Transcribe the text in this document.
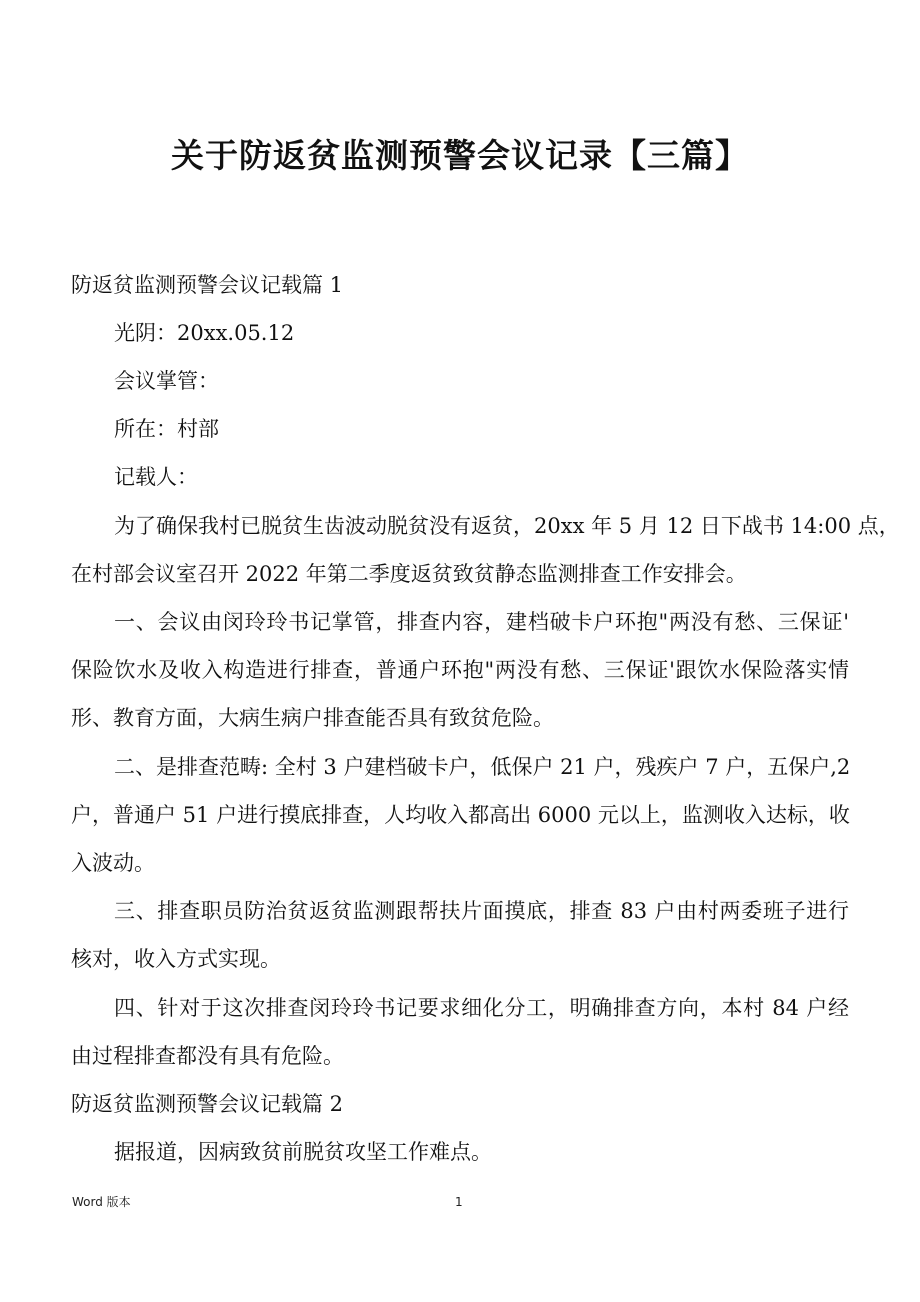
关于防返贫监测预警会议记录【三篇】
防返贫监测预警会议记载篇 1
光阴：20xx.05.12
会议掌管：
所在：村部
记载人：
为了确保我村已脱贫生齿波动脱贫没有返贫，20xx 年 5 月 12 日下战书 14:00 点，
在村部会议室召开 2022 年第二季度返贫致贫静态监测排查工作安排会。
一、会议由闵玲玲书记掌管，排查内容，建档破卡户环抱"两没有愁、三保证'
保险饮水及收入构造进行排查，普通户环抱"两没有愁、三保证'跟饮水保险落实情
形、教育方面，大病生病户排查能否具有致贫危险。
二、是排查范畴: 全村 3 户建档破卡户，低保户 21 户，残疾户 7 户，五保户,2
户，普通户 51 户进行摸底排查，人均收入都高出 6000 元以上，监测收入达标，收
入波动。
三、排查职员防治贫返贫监测跟帮扶片面摸底，排查 83 户由村两委班子进行
核对，收入方式实现。
四、针对于这次排查闵玲玲书记要求细化分工，明确排查方向，本村 84 户经
由过程排查都没有具有危险。
防返贫监测预警会议记载篇 2
据报道，因病致贫前脱贫攻坚工作难点。
Word 版本	1
